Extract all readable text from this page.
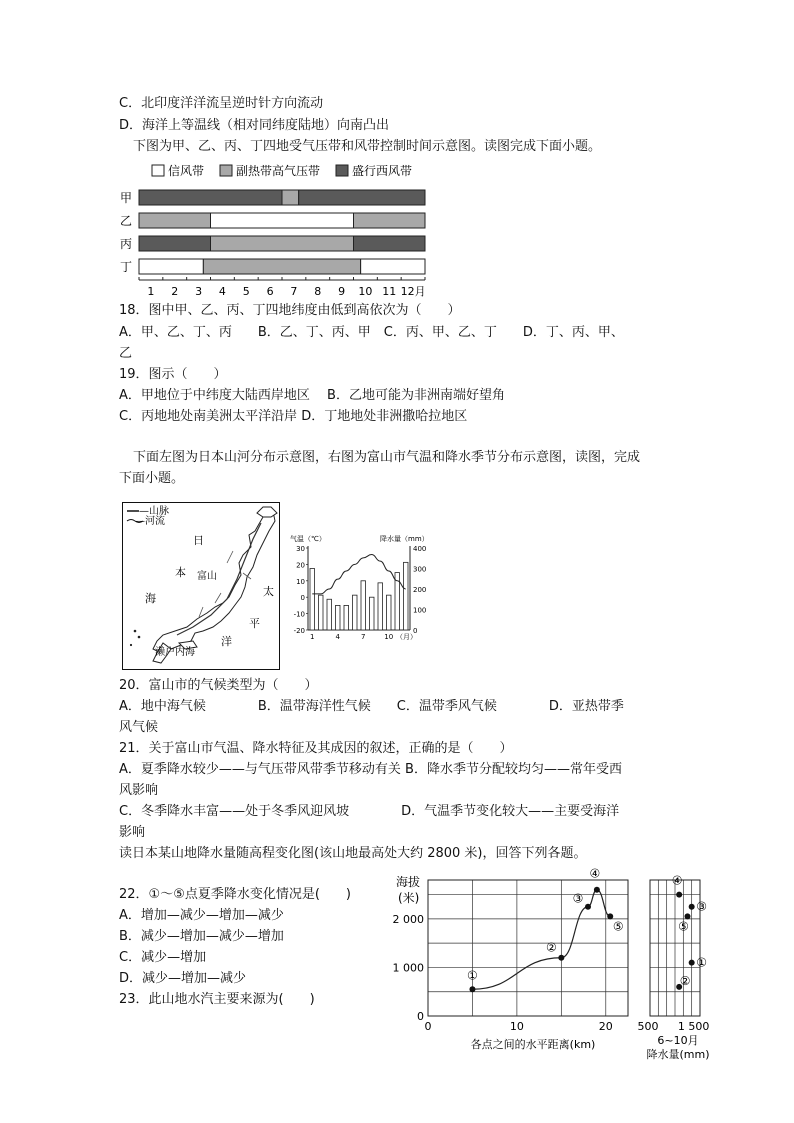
C．北印度洋洋流呈逆时针方向流动
D．海洋上等温线（相对同纬度陆地）向南凸出
下图为甲、乙、丙、丁四地受气压带和风带控制时间示意图。读图完成下面小题。
信风带	副热带高气压带	盛行西风带
甲
乙
丙
丁
1 2 3 4 5 6 7 8 9 10 11 12月
18．图中甲、乙、丙、丁四地纬度由低到高依次为（　　）
A．甲、乙、丁、丙　　B．乙、丁、丙、甲　C．丙、甲、乙、丁　　D．丁、丙、甲、
乙
19．图示（　　）
A．甲地位于中纬度大陆西岸地区　 B．乙地可能为非洲南端好望角
C．丙地地处南美洲太平洋沿岸 D．丁地地处非洲撒哈拉地区
下面左图为日本山河分布示意图，右图为富山市气温和降水季节分布示意图，读图，完成
下面小题。
—山脉
—河流
日
本
海
富山
太
平
洋
濑户内海
气温（℃）	降水量（mm）
30
20
10
0
-10
-20
400
300
200
100
0
1	4	7	10 （月）
20．富山市的气候类型为（　　）
A．地中海气候　　　　B．温带海洋性气候　　C．温带季风气候　　　　D．亚热带季
风气候
21．关于富山市气温、降水特征及其成因的叙述，正确的是（　　）
A．夏季降水较少——与气压带风带季节移动有关 B．降水季节分配较均匀——常年受西
风影响
C．冬季降水丰富——处于冬季风迎风坡　　　　D．气温季节变化较大——主要受海洋
影响
读日本某山地降水量随高程变化图(该山地最高处大约 2800 米)，回答下列各题。
22．①～⑤点夏季降水变化情况是(　　)
A．增加—减少—增加—减少
B．减少—增加—减少—增加
C．减少—增加
D．减少—增加—减少
23．此山地水汽主要来源为(　　)
海拔
(米)
2 000
1 000
0
0	10	20
各点之间的水平距离(km)
①
②
③
④
⑤
①
②
③
④
⑤
500 1 500
6~10月
降水量(mm)
